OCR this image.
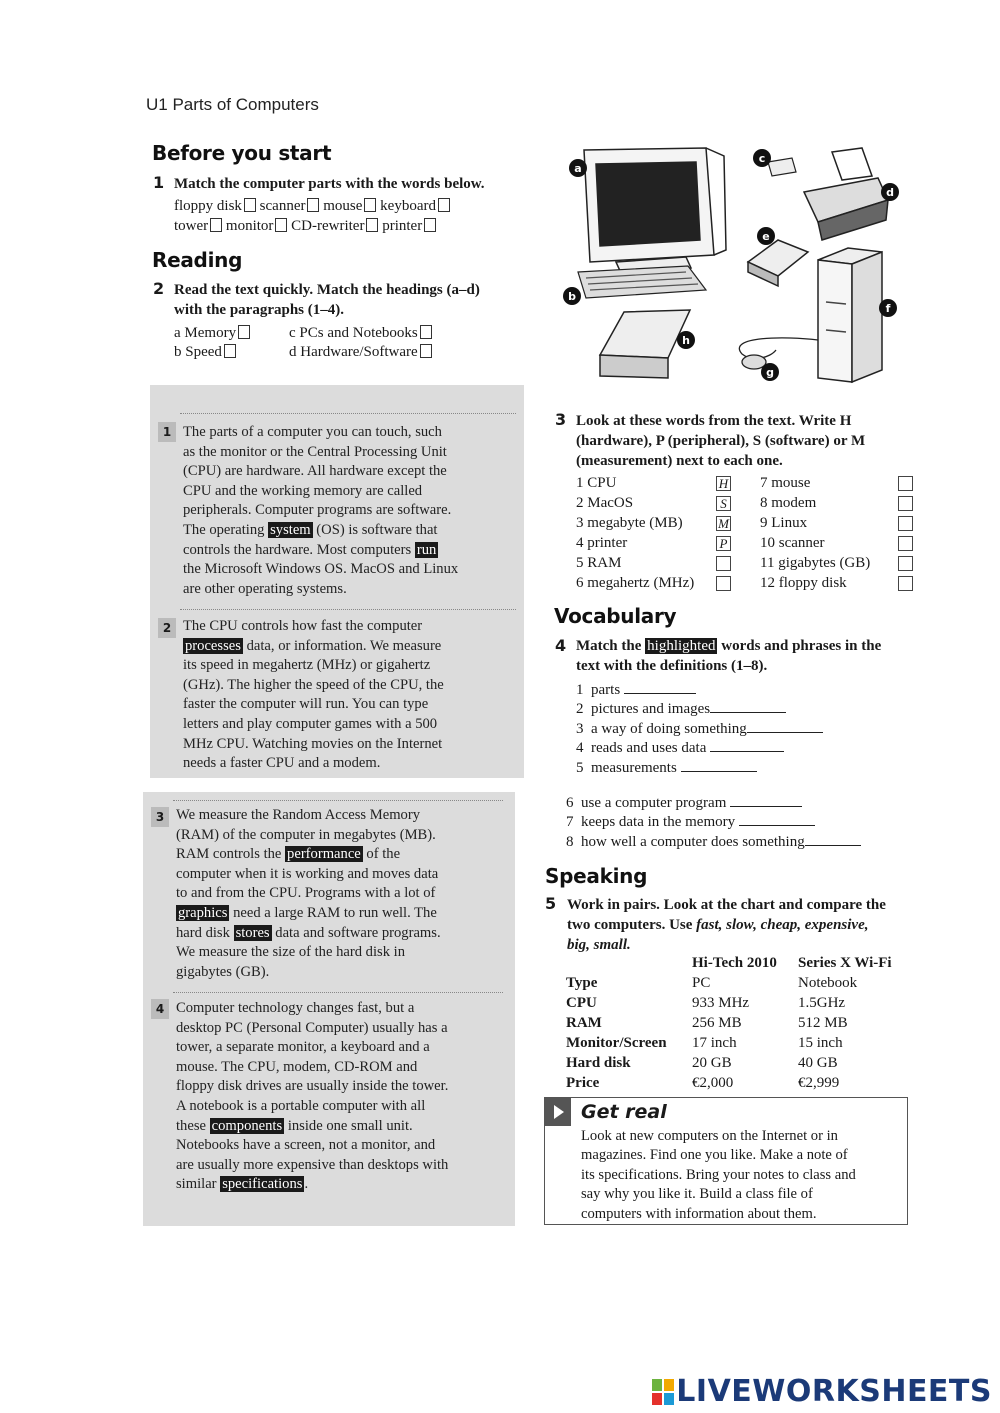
U1 Parts of Computers
Before you start
1 Match the computer parts with the words below.
floppy disk scanner mouse keyboard
tower monitor CD-rewriter printer
Reading
2 Read the text quickly. Match the headings (a–d)
with the paragraphs (1–4).
a Memory
b Speed
c PCs and Notebooks
d Hardware/Software
a
b
c
d
e
f
g
h
1 The parts of a computer you can touch, such
as the monitor or the Central Processing Unit
(CPU) are hardware. All hardware except the
CPU and the working memory are called
peripherals. Computer programs are software.
The operating system (OS) is software that
controls the hardware. Most computers run
the Microsoft Windows OS. MacOS and Linux
are other operating systems.
2 The CPU controls how fast the computer
processes data, or information. We measure
its speed in megahertz (MHz) or gigahertz
(GHz). The higher the speed of the CPU, the
faster the computer will run. You can type
letters and play computer games with a 500
MHz CPU. Watching movies on the Internet
needs a faster CPU and a modem.
3 We measure the Random Access Memory
(RAM) of the computer in megabytes (MB).
RAM controls the performance of the
computer when it is working and moves data
to and from the CPU. Programs with a lot of
graphics need a large RAM to run well. The
hard disk stores data and software programs.
We measure the size of the hard disk in
gigabytes (GB).
4 Computer technology changes fast, but a
desktop PC (Personal Computer) usually has a
tower, a separate monitor, a keyboard and a
mouse. The CPU, modem, CD-ROM and
floppy disk drives are usually inside the tower.
A notebook is a portable computer with all
these components inside one small unit.
Notebooks have a screen, not a monitor, and
are usually more expensive than desktops with
similar specifications .
3 Look at these words from the text. Write H
(hardware), P (peripheral), S (software) or M
(measurement) next to each one.
1 CPU	H
2 MacOS	S
3 megabyte (MB)	M
4 printer	P
5 RAM
6 megahertz (MHz)
7 mouse
8 modem
9 Linux
10 scanner
11 gigabytes (GB)
12 floppy disk
Vocabulary
4 Match the highlighted words and phrases in the
text with the definitions (1–8).
1 parts
2 pictures and images
3 a way of doing something
4 reads and uses data
5 measurements
6 use a computer program
7 keeps data in the memory
8 how well a computer does something
Speaking
5 Work in pairs. Look at the chart and compare the
two computers. Use fast, slow, cheap, expensive,
big, small.
	Hi-Tech 2010	Series X Wi-Fi
Type	PC	Notebook
CPU	933 MHz	1.5GHz
RAM	256 MB	512 MB
Monitor/Screen	17 inch	15 inch
Hard disk	20 GB	40 GB
Price	€2,000	€2,999
Get real
Look at new computers on the Internet or in
magazines. Find one you like. Make a note of
its specifications. Bring your notes to class and
say why you like it. Build a class file of
computers with information about them.
LIVEWORKSHEETS
